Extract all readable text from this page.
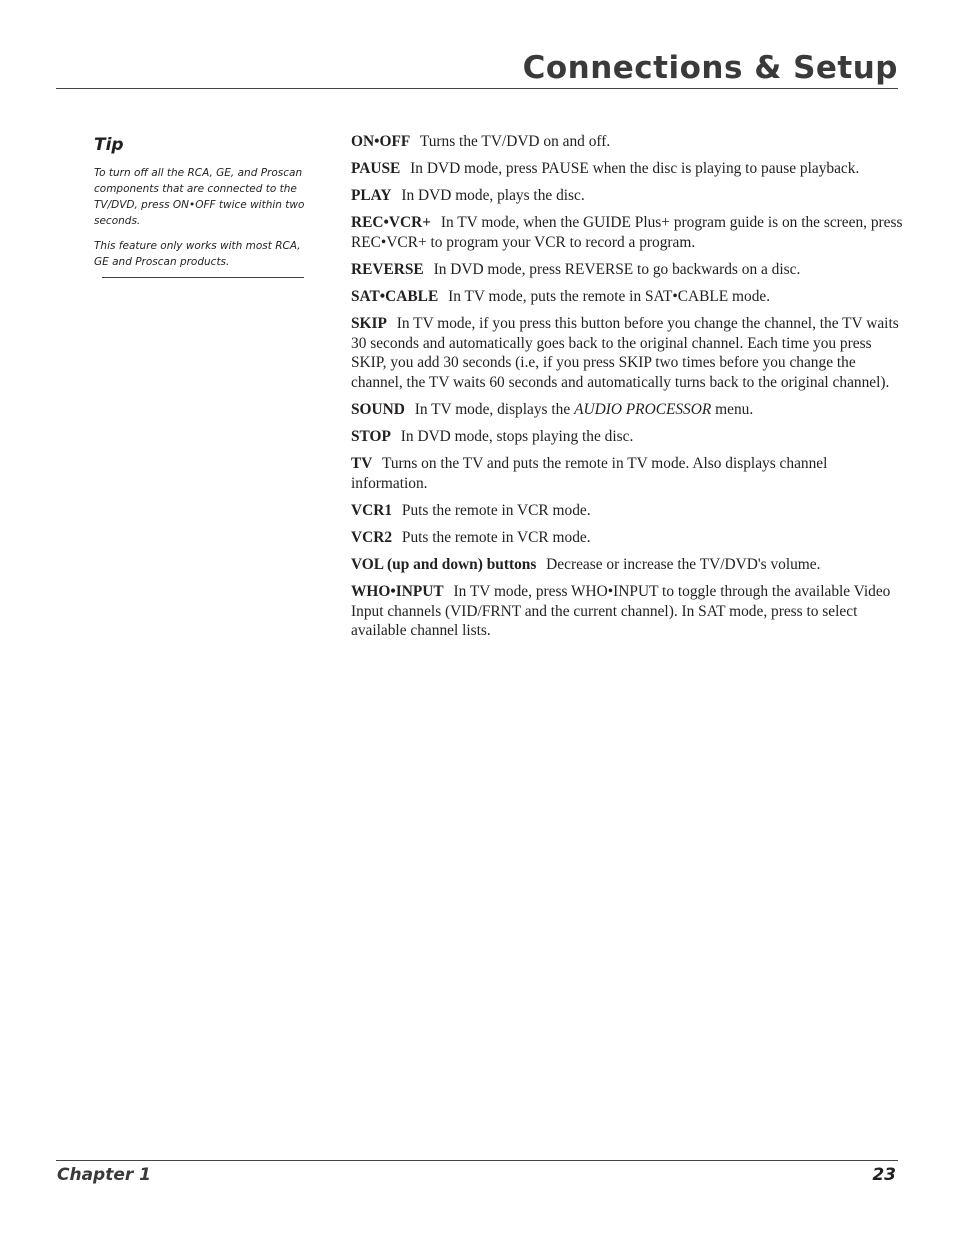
Connections & Setup
Tip

To turn off all the RCA, GE, and Proscan components that are connected to the TV/DVD, press ON•OFF twice within two seconds.

This feature only works with most RCA, GE and Proscan products.

ON•OFF Turns the TV/DVD on and off.

PAUSE In DVD mode, press PAUSE when the disc is playing to pause playback.

PLAY In DVD mode, plays the disc.

REC•VCR+ In TV mode, when the GUIDE Plus+ program guide is on the screen, press REC•VCR+ to program your VCR to record a program.

REVERSE In DVD mode, press REVERSE to go backwards on a disc.

SAT•CABLE In TV mode, puts the remote in SAT•CABLE mode.

SKIP In TV mode, if you press this button before you change the channel, the TV waits 30 seconds and automatically goes back to the original channel. Each time you press SKIP, you add 30 seconds (i.e, if you press SKIP two times before you change the channel, the TV waits 60 seconds and automatically turns back to the original channel).

SOUND In TV mode, displays the AUDIO PROCESSOR menu.

STOP In DVD mode, stops playing the disc.

TV Turns on the TV and puts the remote in TV mode. Also displays channel information.

VCR1 Puts the remote in VCR mode.

VCR2 Puts the remote in VCR mode.

VOL (up and down) buttons Decrease or increase the TV/DVD's volume.

WHO•INPUT In TV mode, press WHO•INPUT to toggle through the available Video Input channels (VID/FRNT and the current channel). In SAT mode, press to select available channel lists.

Chapter 1	23
